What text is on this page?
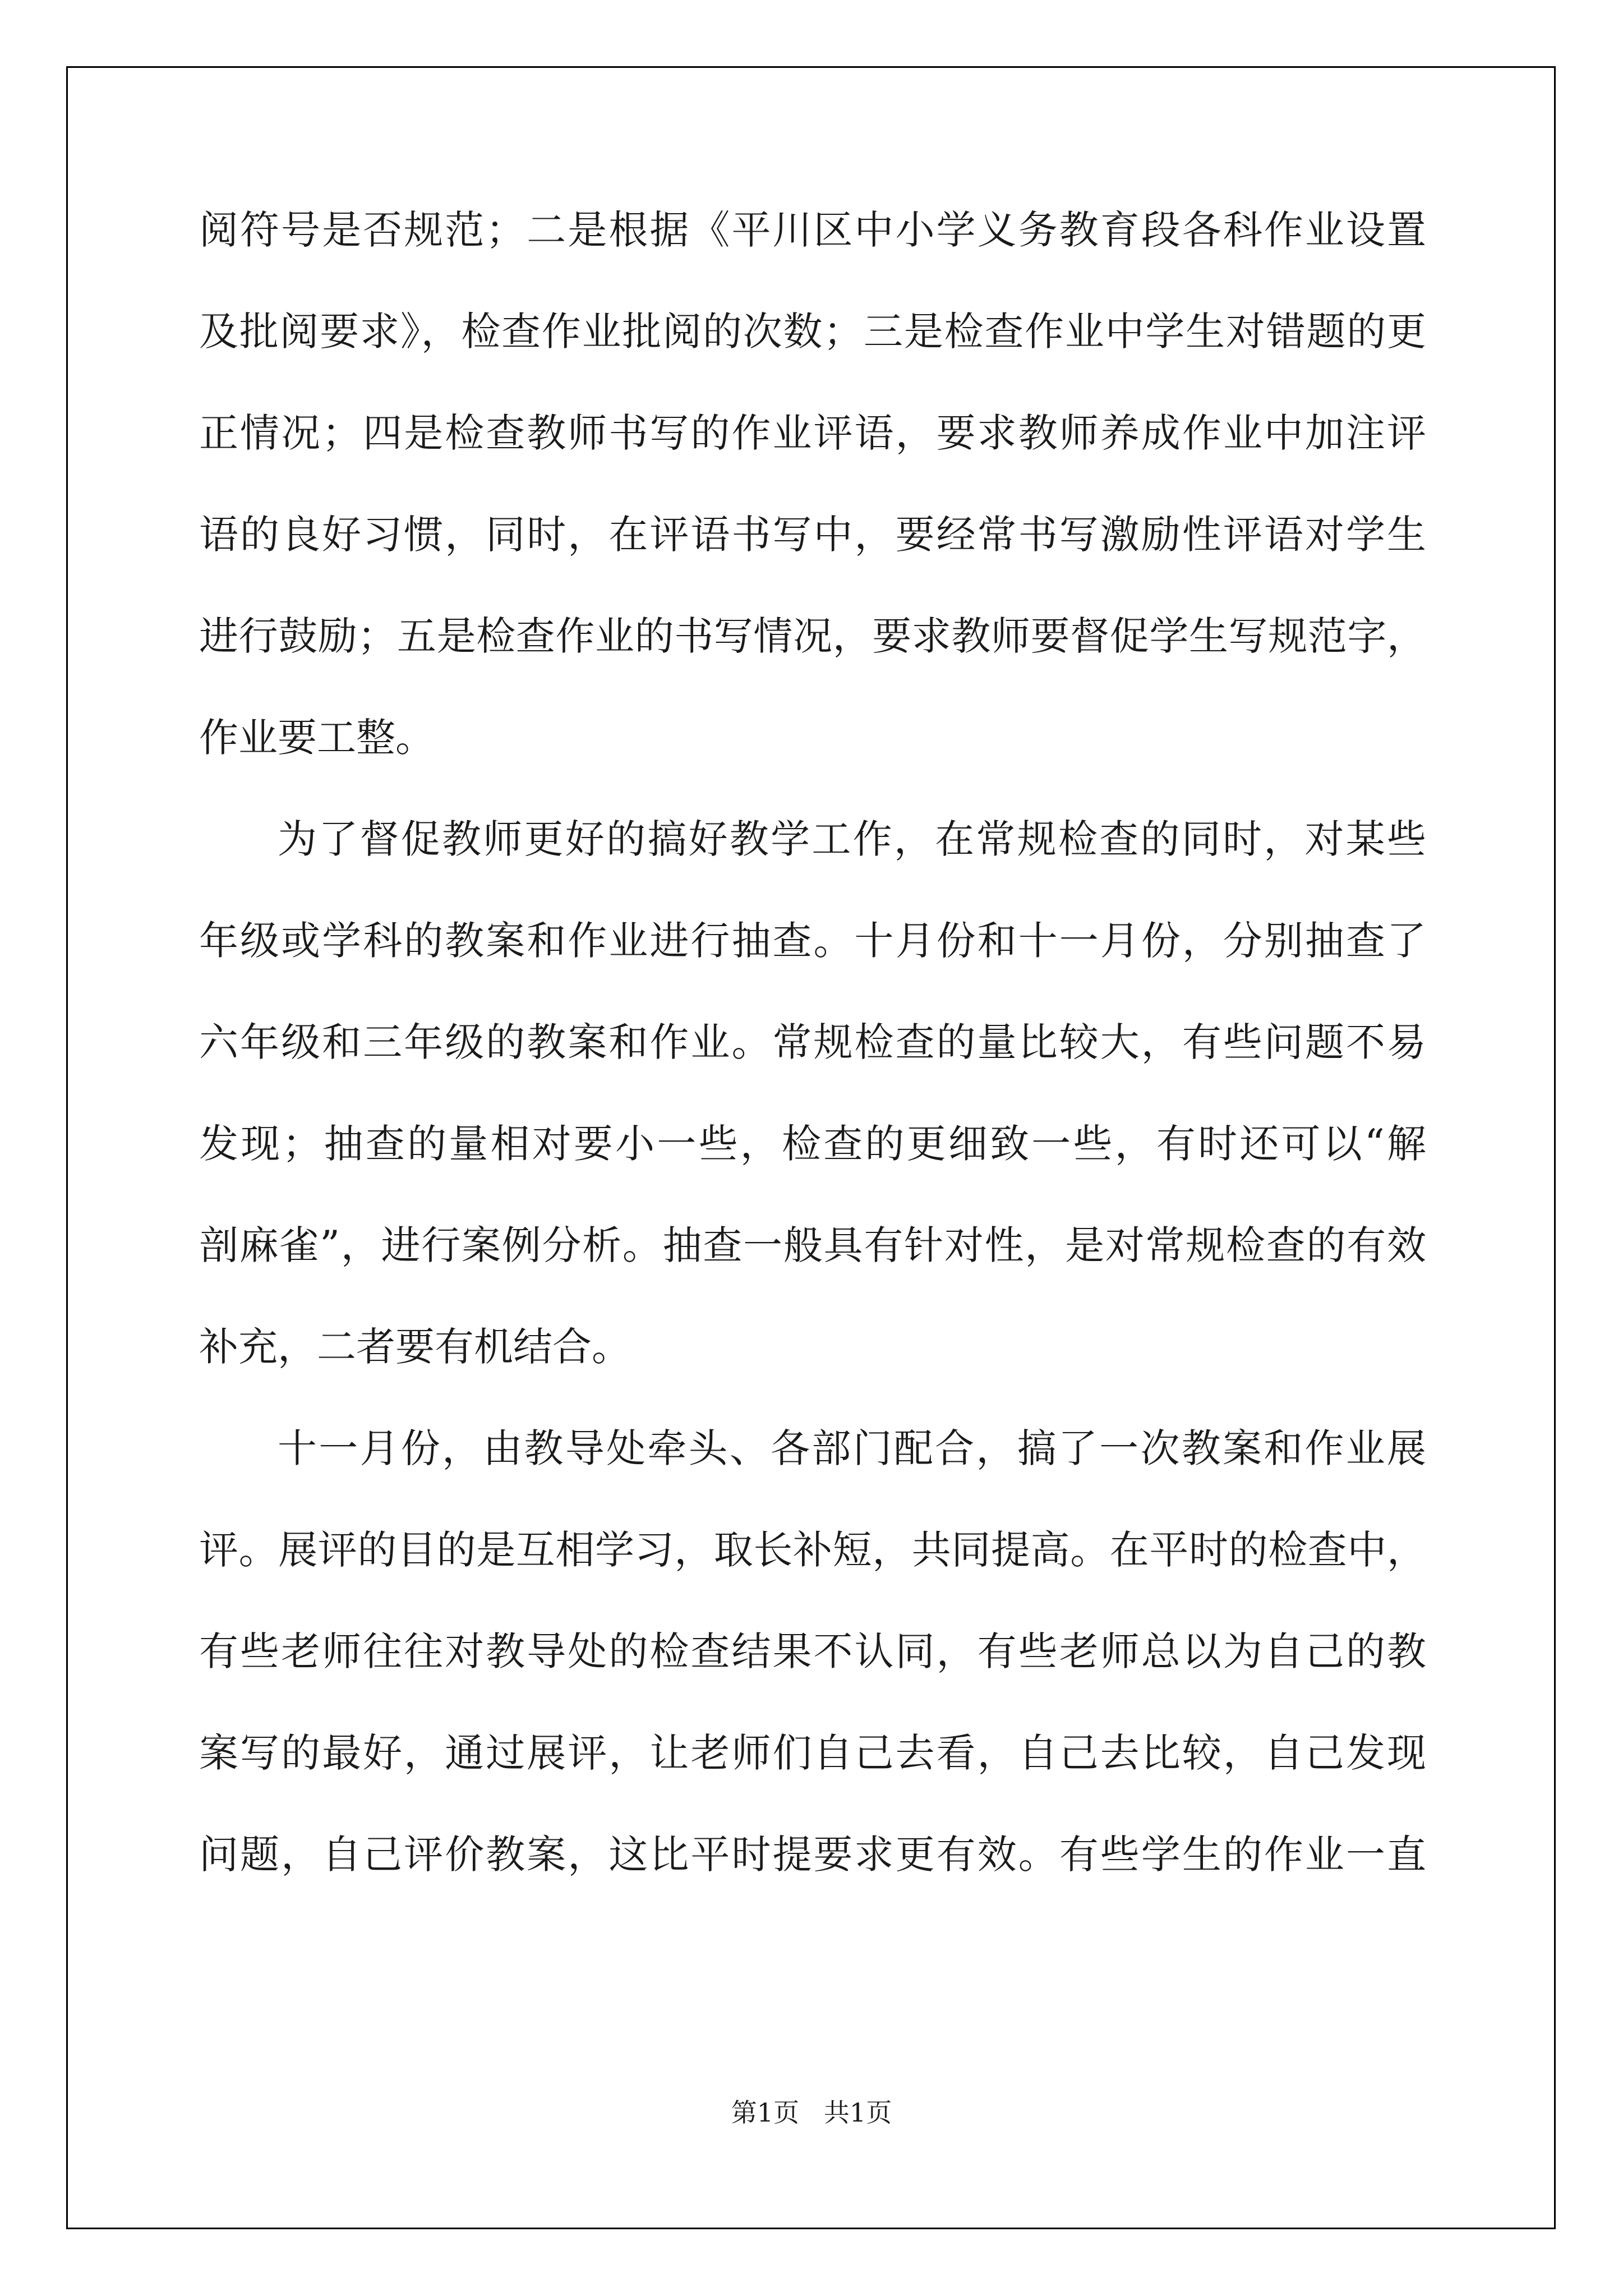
阅符号是否规范；二是根据《平川区中小学义务教育段各科作业设置
及批阅要求》，检查作业批阅的次数；三是检查作业中学生对错题的更
正情况；四是检查教师书写的作业评语，要求教师养成作业中加注评
语的良好习惯，同时，在评语书写中，要经常书写激励性评语对学生
进行鼓励；五是检查作业的书写情况，要求教师要督促学生写规范字，
作业要工整。
为了督促教师更好的搞好教学工作，在常规检查的同时，对某些
年级或学科的教案和作业进行抽查。十月份和十一月份，分别抽查了
六年级和三年级的教案和作业。常规检查的量比较大，有些问题不易
发现；抽查的量相对要小一些，检查的更细致一些，有时还可以“解
剖麻雀”，进行案例分析。抽查一般具有针对性，是对常规检查的有效
补充，二者要有机结合。
十一月份，由教导处牵头、各部门配合，搞了一次教案和作业展
评。展评的目的是互相学习，取长补短，共同提高。在平时的检查中，
有些老师往往对教导处的检查结果不认同，有些老师总以为自己的教
案写的最好，通过展评，让老师们自己去看，自己去比较，自己发现
问题，自己评价教案，这比平时提要求更有效。有些学生的作业一直
第1页   共1页
